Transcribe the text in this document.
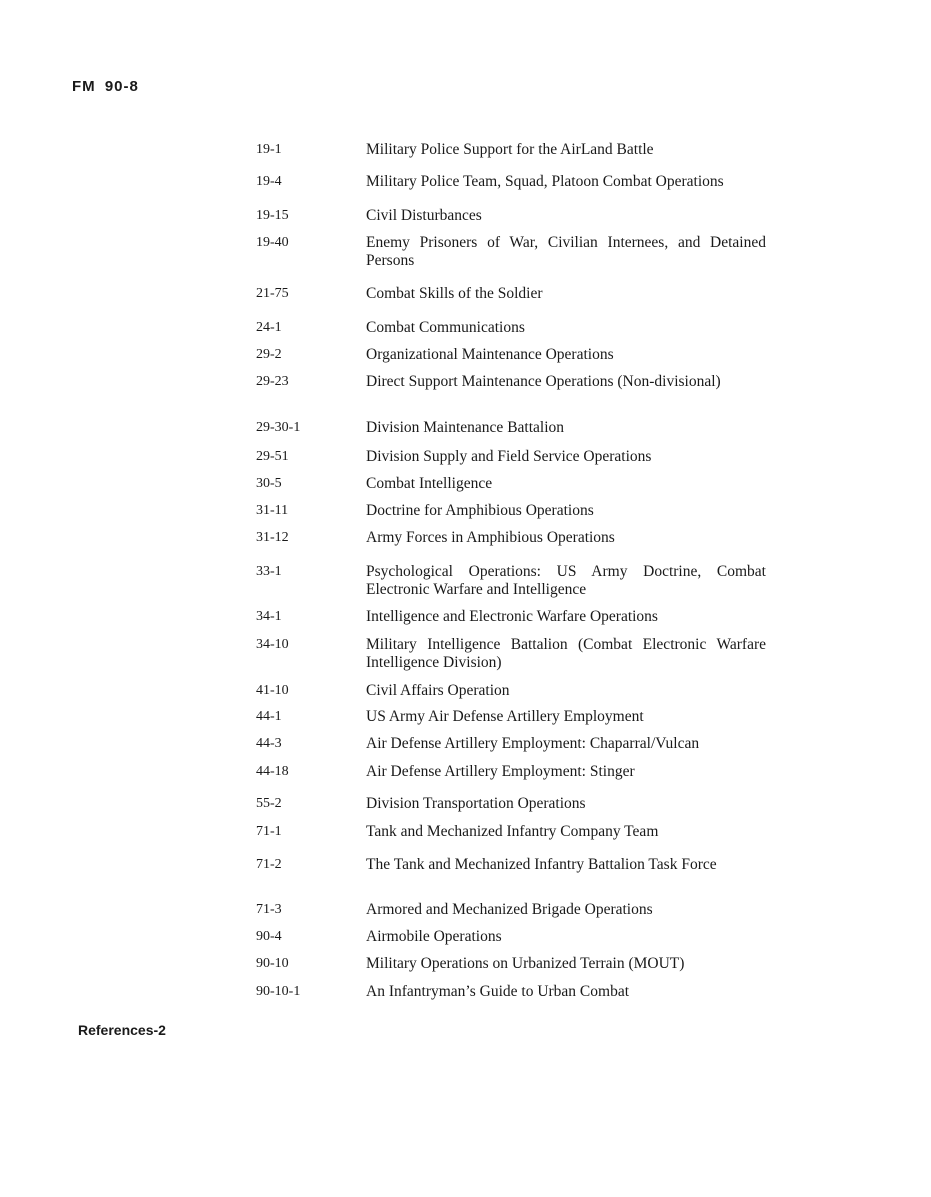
FM 90-8
19-1	Military Police Support for the AirLand Battle
19-4	Military Police Team, Squad, Platoon Combat Operations
19-15	Civil Disturbances
19-40	Enemy Prisoners of War, Civilian Internees, and Detained Persons
21-75	Combat Skills of the Soldier
24-1	Combat Communications
29-2	Organizational Maintenance Operations
29-23	Direct Support Maintenance Operations (Non-divisional)
29-30-1	Division Maintenance Battalion
29-51	Division Supply and Field Service Operations
30-5	Combat Intelligence
31-11	Doctrine for Amphibious Operations
31-12	Army Forces in Amphibious Operations
33-1	Psychological Operations: US Army Doctrine, Combat Electronic Warfare and Intelligence
34-1	Intelligence and Electronic Warfare Operations
34-10	Military Intelligence Battalion (Combat Electronic Warfare Intelligence Division)
41-10	Civil Affairs Operation
44-1	US Army Air Defense Artillery Employment
44-3	Air Defense Artillery Employment: Chaparral/Vulcan
44-18	Air Defense Artillery Employment: Stinger
55-2	Division Transportation Operations
71-1	Tank and Mechanized Infantry Company Team
71-2	The Tank and Mechanized Infantry Battalion Task Force
71-3	Armored and Mechanized Brigade Operations
90-4	Airmobile Operations
90-10	Military Operations on Urbanized Terrain (MOUT)
90-10-1	An Infantryman’s Guide to Urban Combat
References-2
